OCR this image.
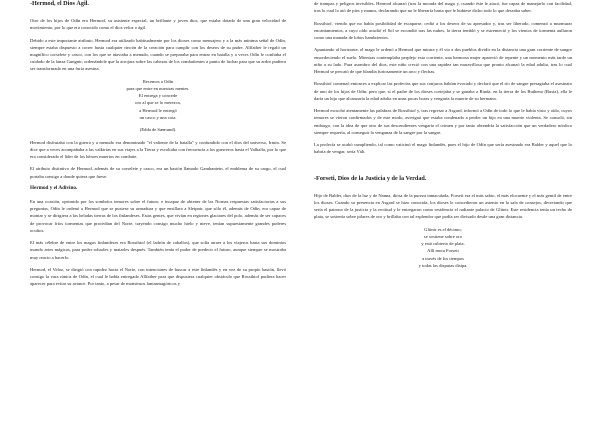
-Hermod, el Dios Ágil.

Otro de los hijos de Odín era Hermod, su asistente especial, un brillante y joven dios, que estaba dotado de una gran velocidad de movimiento, por lo que era conocido como el dios veloz o ágil.

Debido a este importante atributo, Hermod era utilizado habitualmente por los dioses como mensajero y a la más mínima señal de Odín, siempre estaba dispuesto a correr hasta cualquier rincón de la creación para cumplir con los deseos de su padre. Allfather le regaló un magnífico corselete y casco, con los que se ataviaba a menudo, cuando se preparaba para entrar en batalla y a veces Odín le confiaba el cuidado de la lanza Gungnir, ordenándole que la arrojara sobre las cabezas de los combatientes a punto de luchar para que su ardor pudiera ser transformado en una furia asesina.

Recemos a Odín
para que entre en nuestras mentes.
El entrega y concede
oro al que se lo merezca,
a Hermod le entregó
un casco y una cota.

(Edda de Sæmund).

Hermod disfrutaba con la guerra y a menudo era denominado "el valiente de la batalla" y confundido con el dios del universo, Irmin. Se dice que a veces acompañaba a las valkirias en sus viajes a la Tierra y escoltaba con frecuencia a los guerreros hasta el Valhalla, por lo que era considerado el líder de los héroes muertos en combate.

El atributo distintivo de Hermod, además de su corselete y casco, era un bastón llamado Gambantein, el emblema de su cargo, el cual portaba consigo a donde quiera que fuese.

Hermod y el Adivino.

En una ocasión, oprimido por los sombríos temores sobre el futuro, e incapaz de obtener de las Nornas respuestas satisfactorias a sus preguntas, Odín le ordenó a Hermod que se pusiese su armadura y que ensillara a Sleipnir, que sólo él, además de Odín, era capaz de montar y se dirigiera a las heladas tierras de los finlandeses. Estas gentes, que vivían en regiones glaciares del polo, además de ser capaces de provocar fríos tormentas que procedían del Norte, trayendo consigo mucho hielo y nieve, tenían supuestamente grandes poderes ocultos.

El más célebre de entre los magos finlandeses era Rossthiof (el ladrón de caballos), que solía atraer a los viajeros hasta sus dominios usando artes mágicas, para poder robarles y matarles después. También tenía el poder de predecir el futuro, aunque siempre se mostraba muy reacio a hacerlo.

Hermod, el Veloz, se dirigió con rapidez hacia el Norte, con intenciones de buscar a este finlandés y en vez de su propio bastón, llevó consigo la vara rúnica de Odín, el cual le había entregado Allfather para que dispusiera cualquier obstáculo que Rossthiof pudiera hacer aparecer para evitar su avance. Por tanto, a pesar de monstruos fantasmagóricos y

de trampas y peligros invisibles, Hermod alcanzó (tras la morada del mago y, cuando éste le atacó, fue capaz de manejarlo con facilidad, tras lo cual lo ató de pies y manos, declarando que no le liberaría hasta que le hubiese dicho todo lo que deseaba saber.

Rossthiof, viendo que no había posibilidad de escaparse, cedió a los deseos de su apresador y, tras ser liberado, comenzó a murmurar encantamientos, a cuyo oído acudió el Sol se escondió tras las nubes, la tierra tembló y se estremeció y los vientos de tormenta aullaron como una manada de lobos hambrientos.

Apuntando al horizonte, el mago le ordenó a Hermod que mirara y él vio a dos pueblos dividir en la distancia una gran corriente de sangre ensordeciendo el suelo. Mientras contemplaba perplejo esta corriente, una hermosa mujer apareció de repente y un momento más tarde un niño a su lado. Para asombro del dios, este niño creció con una rapidez tan maravillosa que pronto alcanzó la edad adulta, tras lo cual Hermod se percató de que blandía furiosamente un arco y flechas.

Rossthiof comenzó entonces a explicar las profecías que sus conjuros habían evocado y declaró que el río de sangre presagiaba el asesinato de uno de los hijos de Odín, pero que, si el padre de los dioses cortejaba y se ganaba a Rinda, en la tierra de los Rutheno (Rusia), ella le daría un hijo que alcanzaría la edad adulta en unas pocas horas y vengaría la muerte de su hermano.

Hermod escuchó atentamente las palabras de Rossthiof y, tras regresar a Asgard, informó a Odín de todo lo que le había visto y oído, cuyos temores se vieron confirmados y de este modo, averiguó que estaba condenado a perder un hijo en una muerte violenta. Se consoló, sin embargo, con la idea de que otro de sus descendientes vengaría el crimen y por tanto obtendría la satisfacción que un verdadero nórdico siempre requería, al conseguir la venganza de la sangre por la sangre.

La profecía se acabó cumpliendo, tal como vaticinó el mago finlandés, pues el hijo de Odín que sería asesinado era Balder y aquel que lo habría de vengar, sería Váli.

-Forseti, Dios de la Justicia y de la Verdad.

Hijo de Balder, dios de la luz y de Nanna, diosa de la pureza inmaculada, Forseti era el más sabio, el más elocuente y el más gentil de entre los dioses. Cuando su presencia en Asgard se hizo conocida, los dioses le concedieron un asiento en la sala de consejos, decretando que sería el patrono de la justicia y la rectitud y le entregaron como residencia el radiante palacio de Glitnir. Este residencia tenía un techo de plata, se sostenía sobre pilares de oro y brillaba con tal esplendor que podía ser divisado desde una gran distancia.

Glitnir es el décimo;
se sostiene sobre oro
y está cubierto de plata.
Allí mora Forseti
a través de los tiempos
y todas las disputas disipa.
